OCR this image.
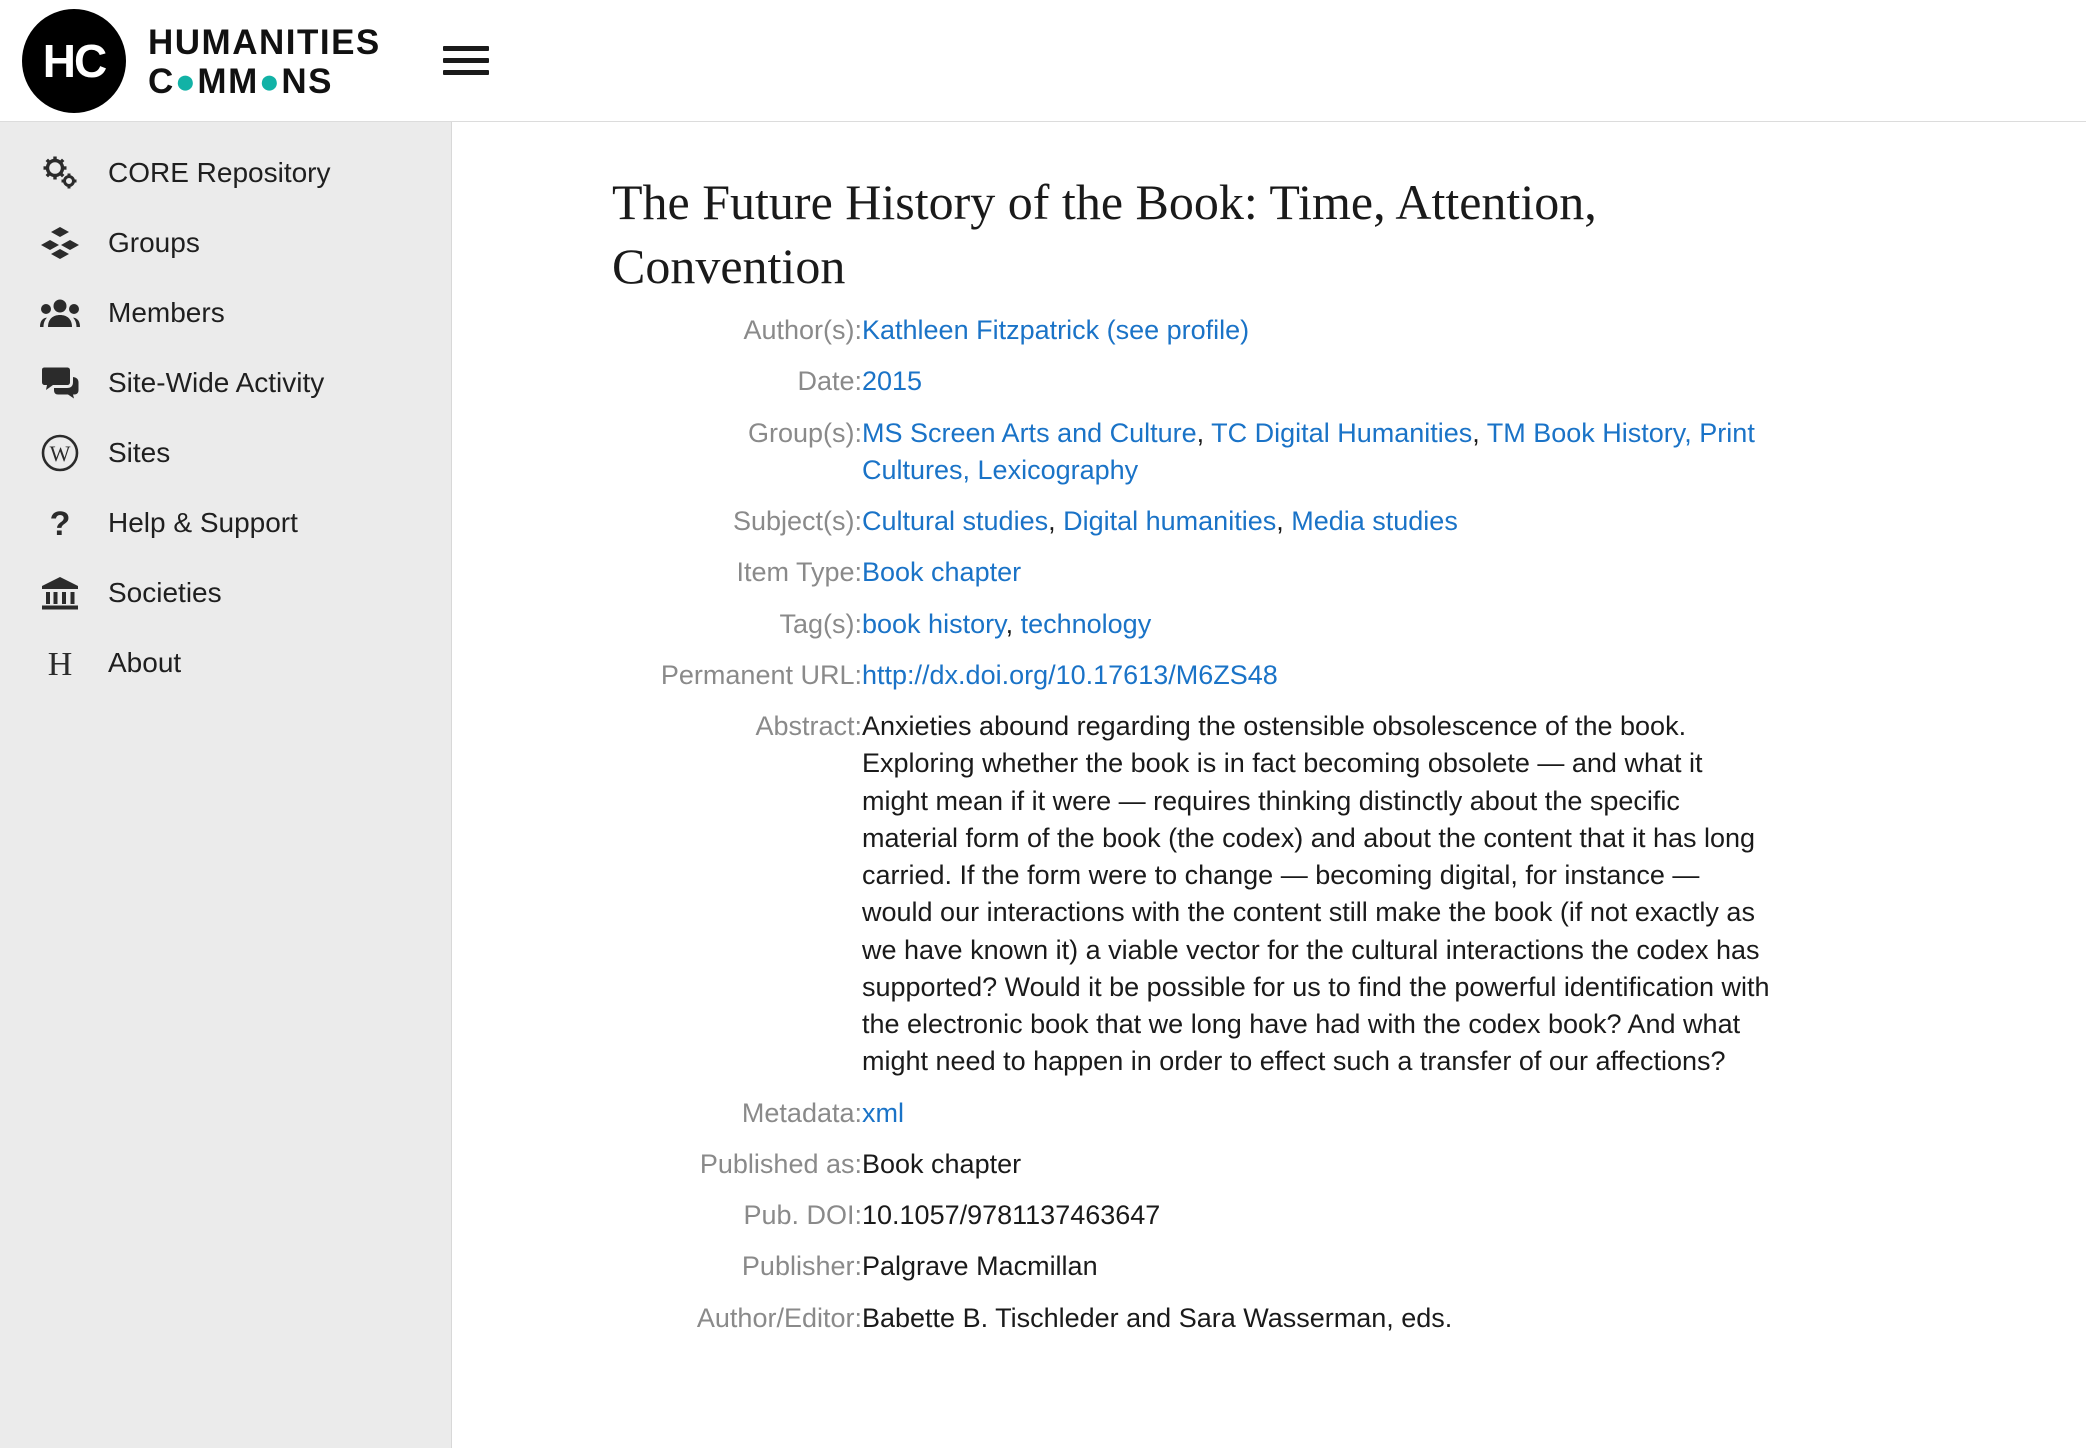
HC	HUMANITIES
C●MM●NS
CORE Repository
Groups
Members
Site-Wide Activity
W Sites
? Help & Support
Societies
H About
The Future History of the Book: Time, Attention, Convention
Author(s):	Kathleen Fitzpatrick (see profile)
Date:	2015
Group(s):	MS Screen Arts and Culture, TC Digital Humanities, TM Book History, Print Cultures, Lexicography
Subject(s):	Cultural studies, Digital humanities, Media studies
Item Type:	Book chapter
Tag(s):	book history, technology
Permanent URL:	http://dx.doi.org/10.17613/M6ZS48
Abstract:	Anxieties abound regarding the ostensible obsolescence of the book. Exploring whether the book is in fact becoming obsolete — and what it might mean if it were — requires thinking distinctly about the specific material form of the book (the codex) and about the content that it has long carried. If the form were to change — becoming digital, for instance — would our interactions with the content still make the book (if not exactly as we have known it) a viable vector for the cultural interactions the codex has supported? Would it be possible for us to find the powerful identification with the electronic book that we long have had with the codex book? And what might need to happen in order to effect such a transfer of our affections?
Metadata:	xml
Published as:	Book chapter
Pub. DOI:	10.1057/9781137463647
Publisher:	Palgrave Macmillan
Author/Editor:	Babette B. Tischleder and Sara Wasserman, eds.
